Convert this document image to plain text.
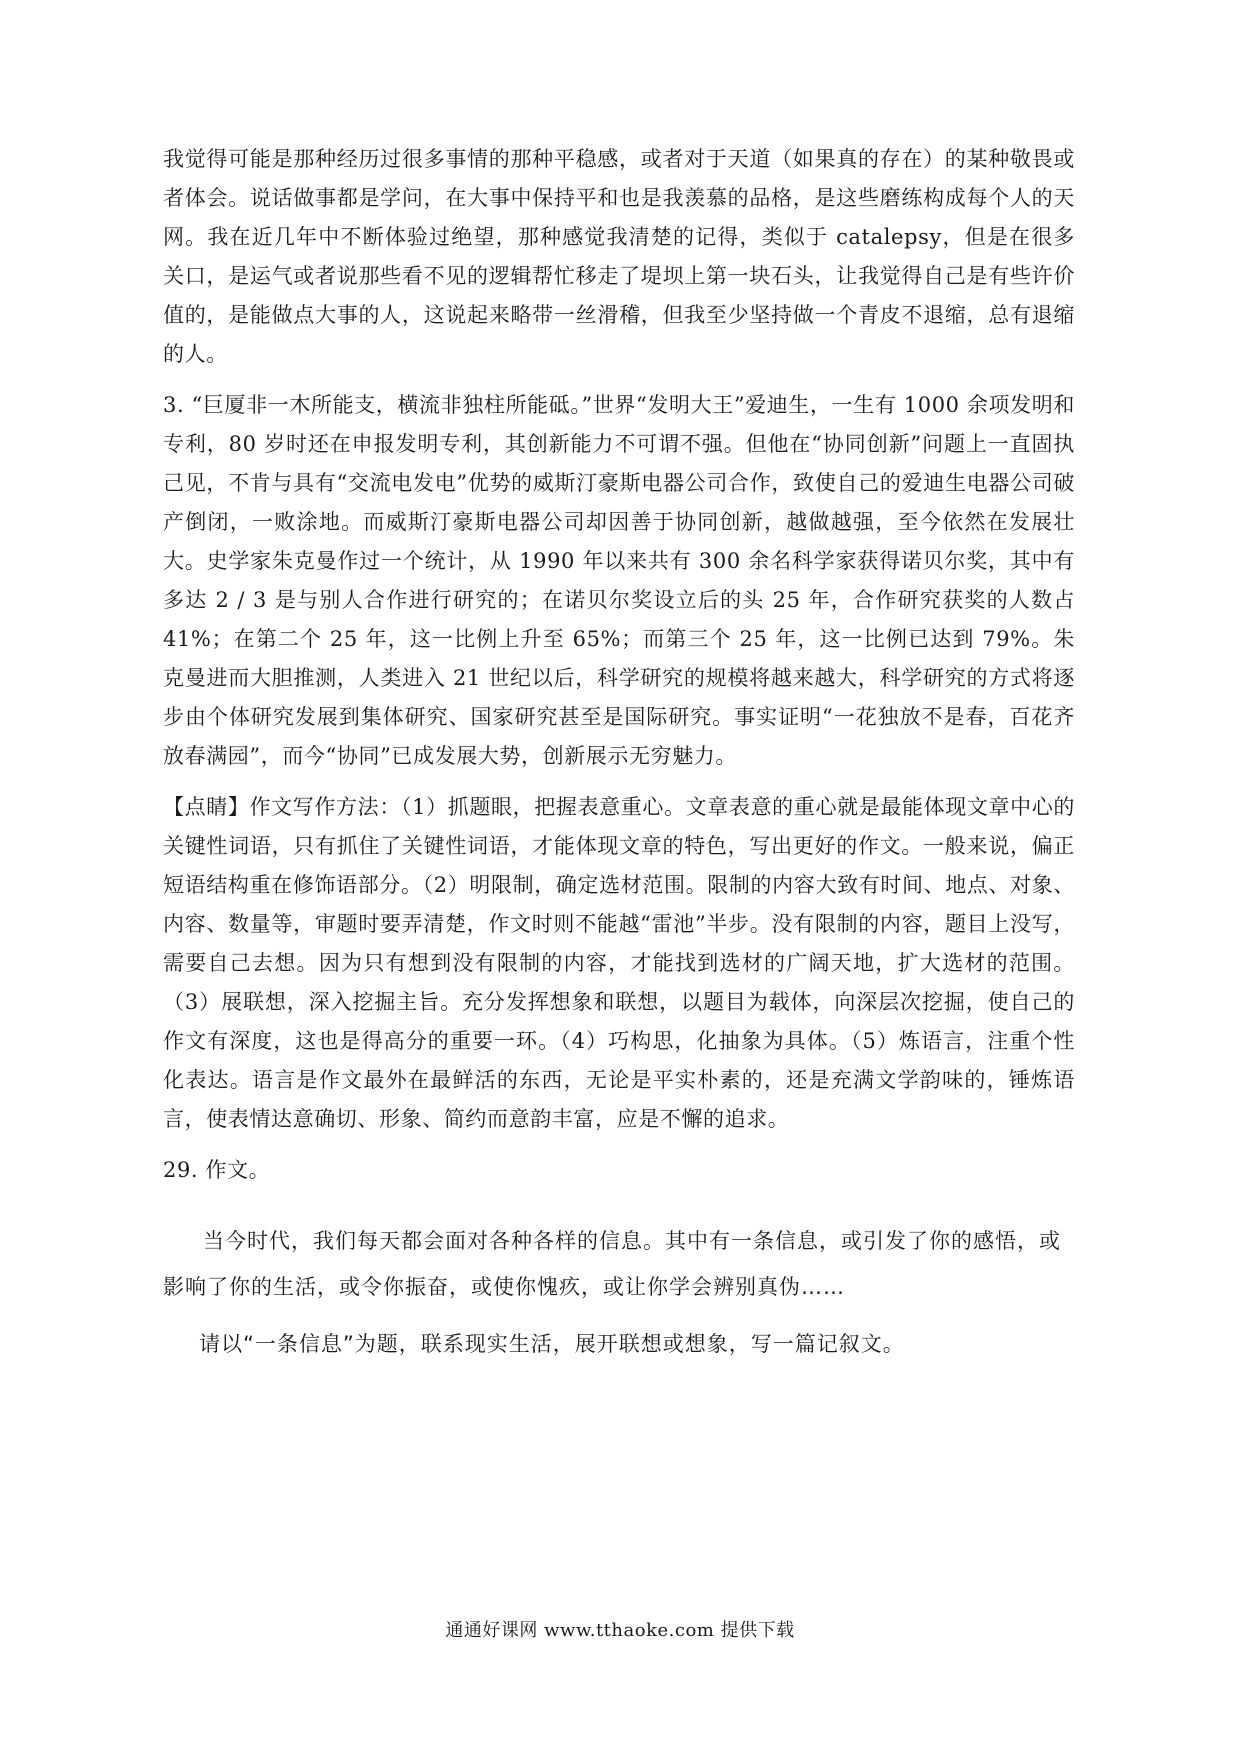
我觉得可能是那种经历过很多事情的那种平稳感，或者对于天道（如果真的存在）的某种敬畏或者体会。说话做事都是学问，在大事中保持平和也是我羡慕的品格，是这些磨练构成每个人的天网。我在近几年中不断体验过绝望，那种感觉我清楚的记得，类似于 catalepsy，但是在很多关口，是运气或者说那些看不见的逻辑帮忙移走了堤坝上第一块石头，让我觉得自己是有些许价值的，是能做点大事的人，这说起来略带一丝滑稽，但我至少坚持做一个青皮不退缩，总有退缩的人。

3. “巨厦非一木所能支，横流非独柱所能砥。”世界“发明大王”爱迪生，一生有 1000 余项发明和专利，80 岁时还在申报发明专利，其创新能力不可谓不强。但他在“协同创新”问题上一直固执己见，不肯与具有“交流电发电”优势的威斯汀豪斯电器公司合作，致使自己的爱迪生电器公司破产倒闭，一败涂地。而威斯汀豪斯电器公司却因善于协同创新，越做越强，至今依然在发展壮大。史学家朱克曼作过一个统计，从 1990 年以来共有 300 余名科学家获得诺贝尔奖，其中有多达 2 / 3 是与别人合作进行研究的；在诺贝尔奖设立后的头 25 年，合作研究获奖的人数占 41%；在第二个 25 年，这一比例上升至 65%；而第三个 25 年，这一比例已达到 79%。朱克曼进而大胆推测，人类进入 21 世纪以后，科学研究的规模将越来越大，科学研究的方式将逐步由个体研究发展到集体研究、国家研究甚至是国际研究。事实证明“一花独放不是春，百花齐放春满园”，而今“协同”已成发展大势，创新展示无穷魅力。

【点睛】作文写作方法：（1）抓题眼，把握表意重心。文章表意的重心就是最能体现文章中心的关键性词语，只有抓住了关键性词语，才能体现文章的特色，写出更好的作文。一般来说，偏正短语结构重在修饰语部分。（2）明限制，确定选材范围。限制的内容大致有时间、地点、对象、内容、数量等，审题时要弄清楚，作文时则不能越“雷池”半步。没有限制的内容，题目上没写，需要自己去想。因为只有想到没有限制的内容，才能找到选材的广阔天地，扩大选材的范围。（3）展联想，深入挖掘主旨。充分发挥想象和联想，以题目为载体，向深层次挖掘，使自己的作文有深度，这也是得高分的重要一环。（4）巧构思，化抽象为具体。（5）炼语言，注重个性化表达。语言是作文最外在最鲜活的东西，无论是平实朴素的，还是充满文学韵味的，锤炼语言，使表情达意确切、形象、简约而意韵丰富，应是不懈的追求。

29. 作文。

当今时代，我们每天都会面对各种各样的信息。其中有一条信息，或引发了你的感悟，或影响了你的生活，或令你振奋，或使你愧疚，或让你学会辨别真伪……

请以“一条信息”为题，联系现实生活，展开联想或想象，写一篇记叙文。

通通好课网 www.tthaoke.com 提供下载
